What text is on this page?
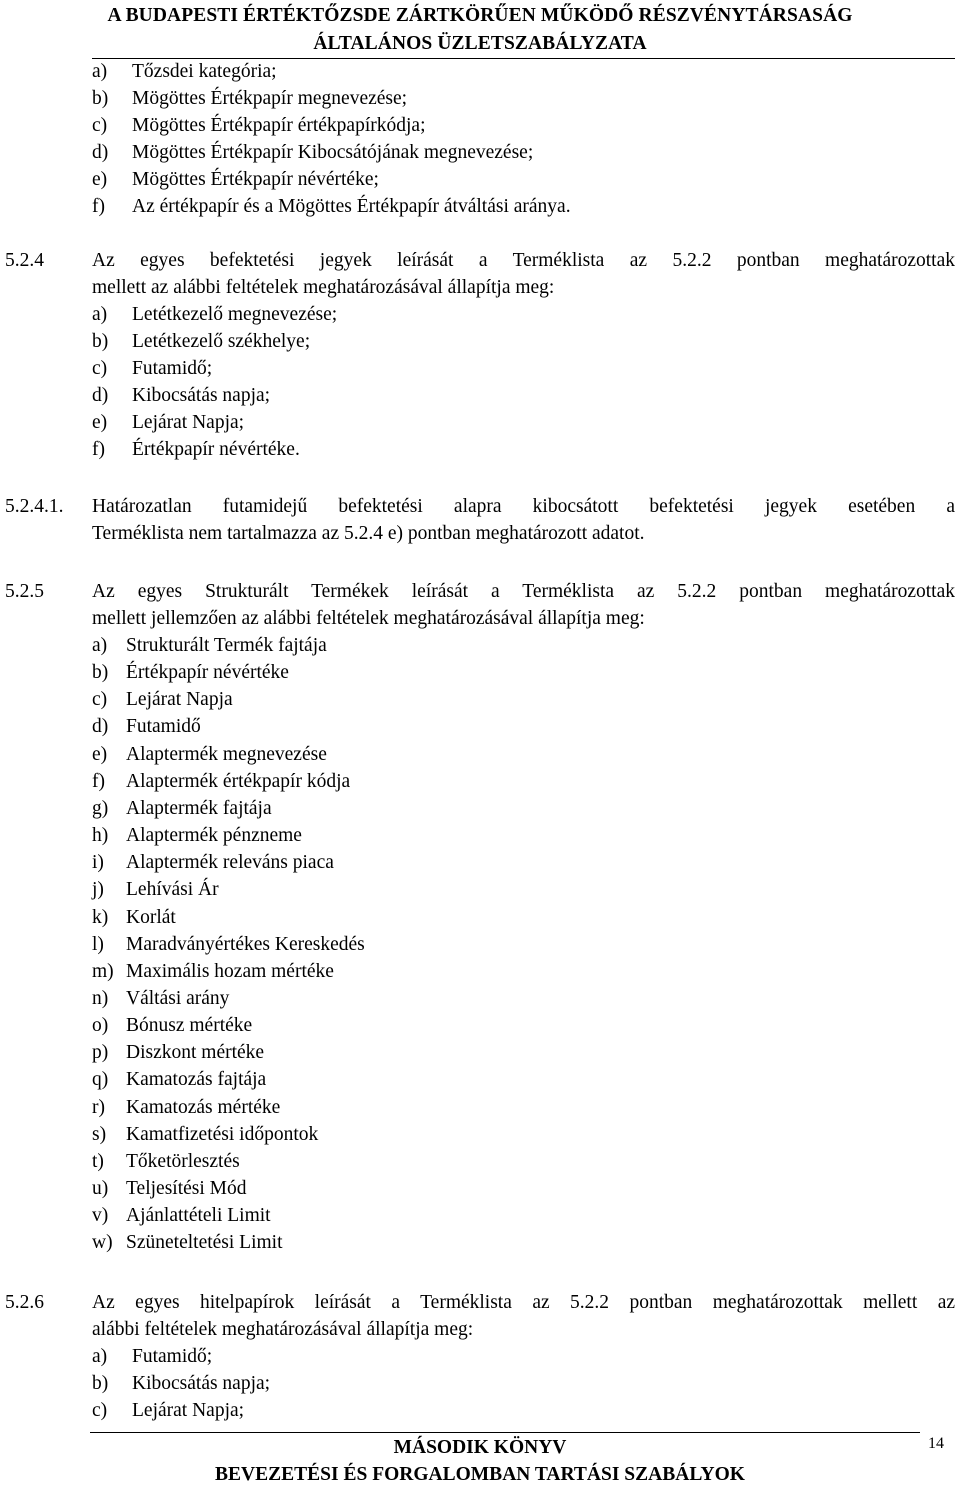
A BUDAPESTI ÉRTÉKTŐZSDE ZÁRTKÖRŰEN MŰKÖDŐ RÉSZVÉNYTÁRSASÁG
ÁLTALÁNOS ÜZLETSZABÁLYZATA
a) Tőzsdei kategória;
b) Mögöttes Értékpapír megnevezése;
c) Mögöttes Értékpapír értékpapírkódja;
d) Mögöttes Értékpapír Kibocsátójának megnevezése;
e) Mögöttes Értékpapír névértéke;
f) Az értékpapír és a Mögöttes Értékpapír átváltási aránya.
5.2.4 Az egyes befektetési jegyek leírását a Terméklista az 5.2.2 pontban meghatározottak
mellett az alábbi feltételek meghatározásával állapítja meg:
a) Letétkezelő megnevezése;
b) Letétkezelő székhelye;
c) Futamidő;
d) Kibocsátás napja;
e) Lejárat Napja;
f) Értékpapír névértéke.
5.2.4.1. Határozatlan futamidejű befektetési alapra kibocsátott befektetési jegyek esetében a
Terméklista nem tartalmazza az 5.2.4 e) pontban meghatározott adatot.
5.2.5 Az egyes Strukturált Termékek leírását a Terméklista az 5.2.2 pontban meghatározottak
mellett jellemzően az alábbi feltételek meghatározásával állapítja meg:
a) Strukturált Termék fajtája
b) Értékpapír névértéke
c) Lejárat Napja
d) Futamidő
e) Alaptermék megnevezése
f) Alaptermék értékpapír kódja
g) Alaptermék fajtája
h) Alaptermék pénzneme
i) Alaptermék releváns piaca
j) Lehívási Ár
k) Korlát
l) Maradványértékes Kereskedés
m) Maximális hozam mértéke
n) Váltási arány
o) Bónusz mértéke
p) Diszkont mértéke
q) Kamatozás fajtája
r) Kamatozás mértéke
s) Kamatfizetési időpontok
t) Tőketörlesztés
u) Teljesítési Mód
v) Ajánlattételi Limit
w) Szüneteltetési Limit
5.2.6 Az egyes hitelpapírok leírását a Terméklista az 5.2.2 pontban meghatározottak mellett az
alábbi feltételek meghatározásával állapítja meg:
a) Futamidő;
b) Kibocsátás napja;
c) Lejárat Napja;
MÁSODIK KÖNYV
BEVEZETÉSI ÉS FORGALOMBAN TARTÁSI SZABÁLYOK
14
